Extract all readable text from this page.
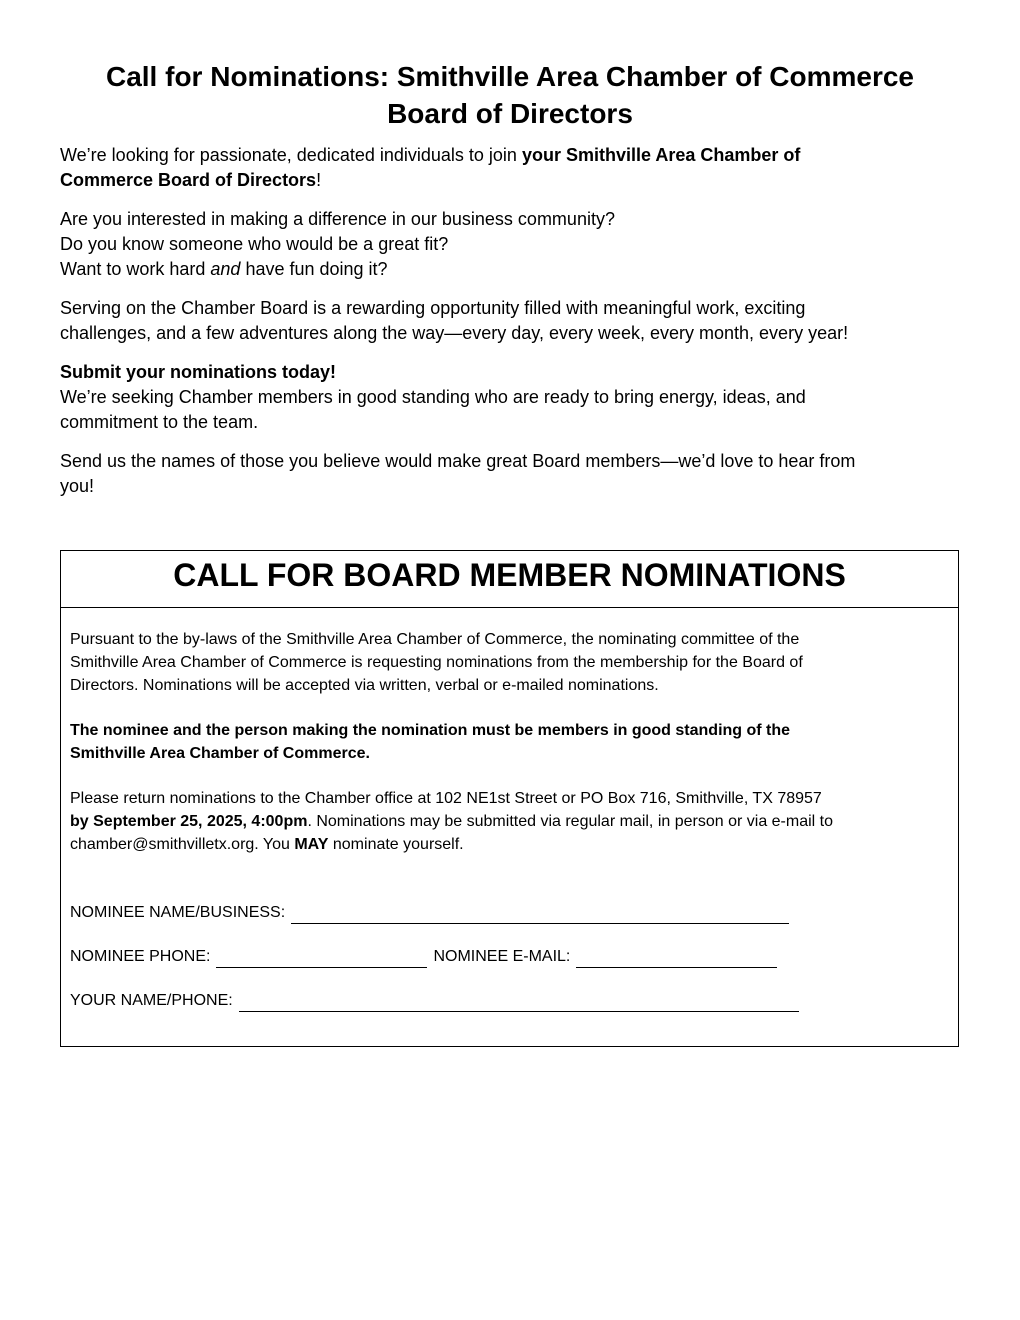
Call for Nominations: Smithville Area Chamber of Commerce
Board of Directors

We’re looking for passionate, dedicated individuals to join your Smithville Area Chamber of
Commerce Board of Directors!

Are you interested in making a difference in our business community?
Do you know someone who would be a great fit?
Want to work hard and have fun doing it?

Serving on the Chamber Board is a rewarding opportunity filled with meaningful work, exciting
challenges, and a few adventures along the way—every day, every week, every month, every year!

Submit your nominations today!
We’re seeking Chamber members in good standing who are ready to bring energy, ideas, and
commitment to the team.

Send us the names of those you believe would make great Board members—we’d love to hear from
you!

CALL FOR BOARD MEMBER NOMINATIONS

Pursuant to the by-laws of the Smithville Area Chamber of Commerce, the nominating committee of the
Smithville Area Chamber of Commerce is requesting nominations from the membership for the Board of
Directors. Nominations will be accepted via written, verbal or e-mailed nominations.

The nominee and the person making the nomination must be members in good standing of the
Smithville Area Chamber of Commerce.

Please return nominations to the Chamber office at 102 NE1st Street or PO Box 716, Smithville, TX 78957
by September 25, 2025, 4:00pm. Nominations may be submitted via regular mail, in person or via e-mail to
chamber@smithvilletx.org. You MAY nominate yourself.

NOMINEE NAME/BUSINESS:
NOMINEE PHONE:	NOMINEE E-MAIL:
YOUR NAME/PHONE:
